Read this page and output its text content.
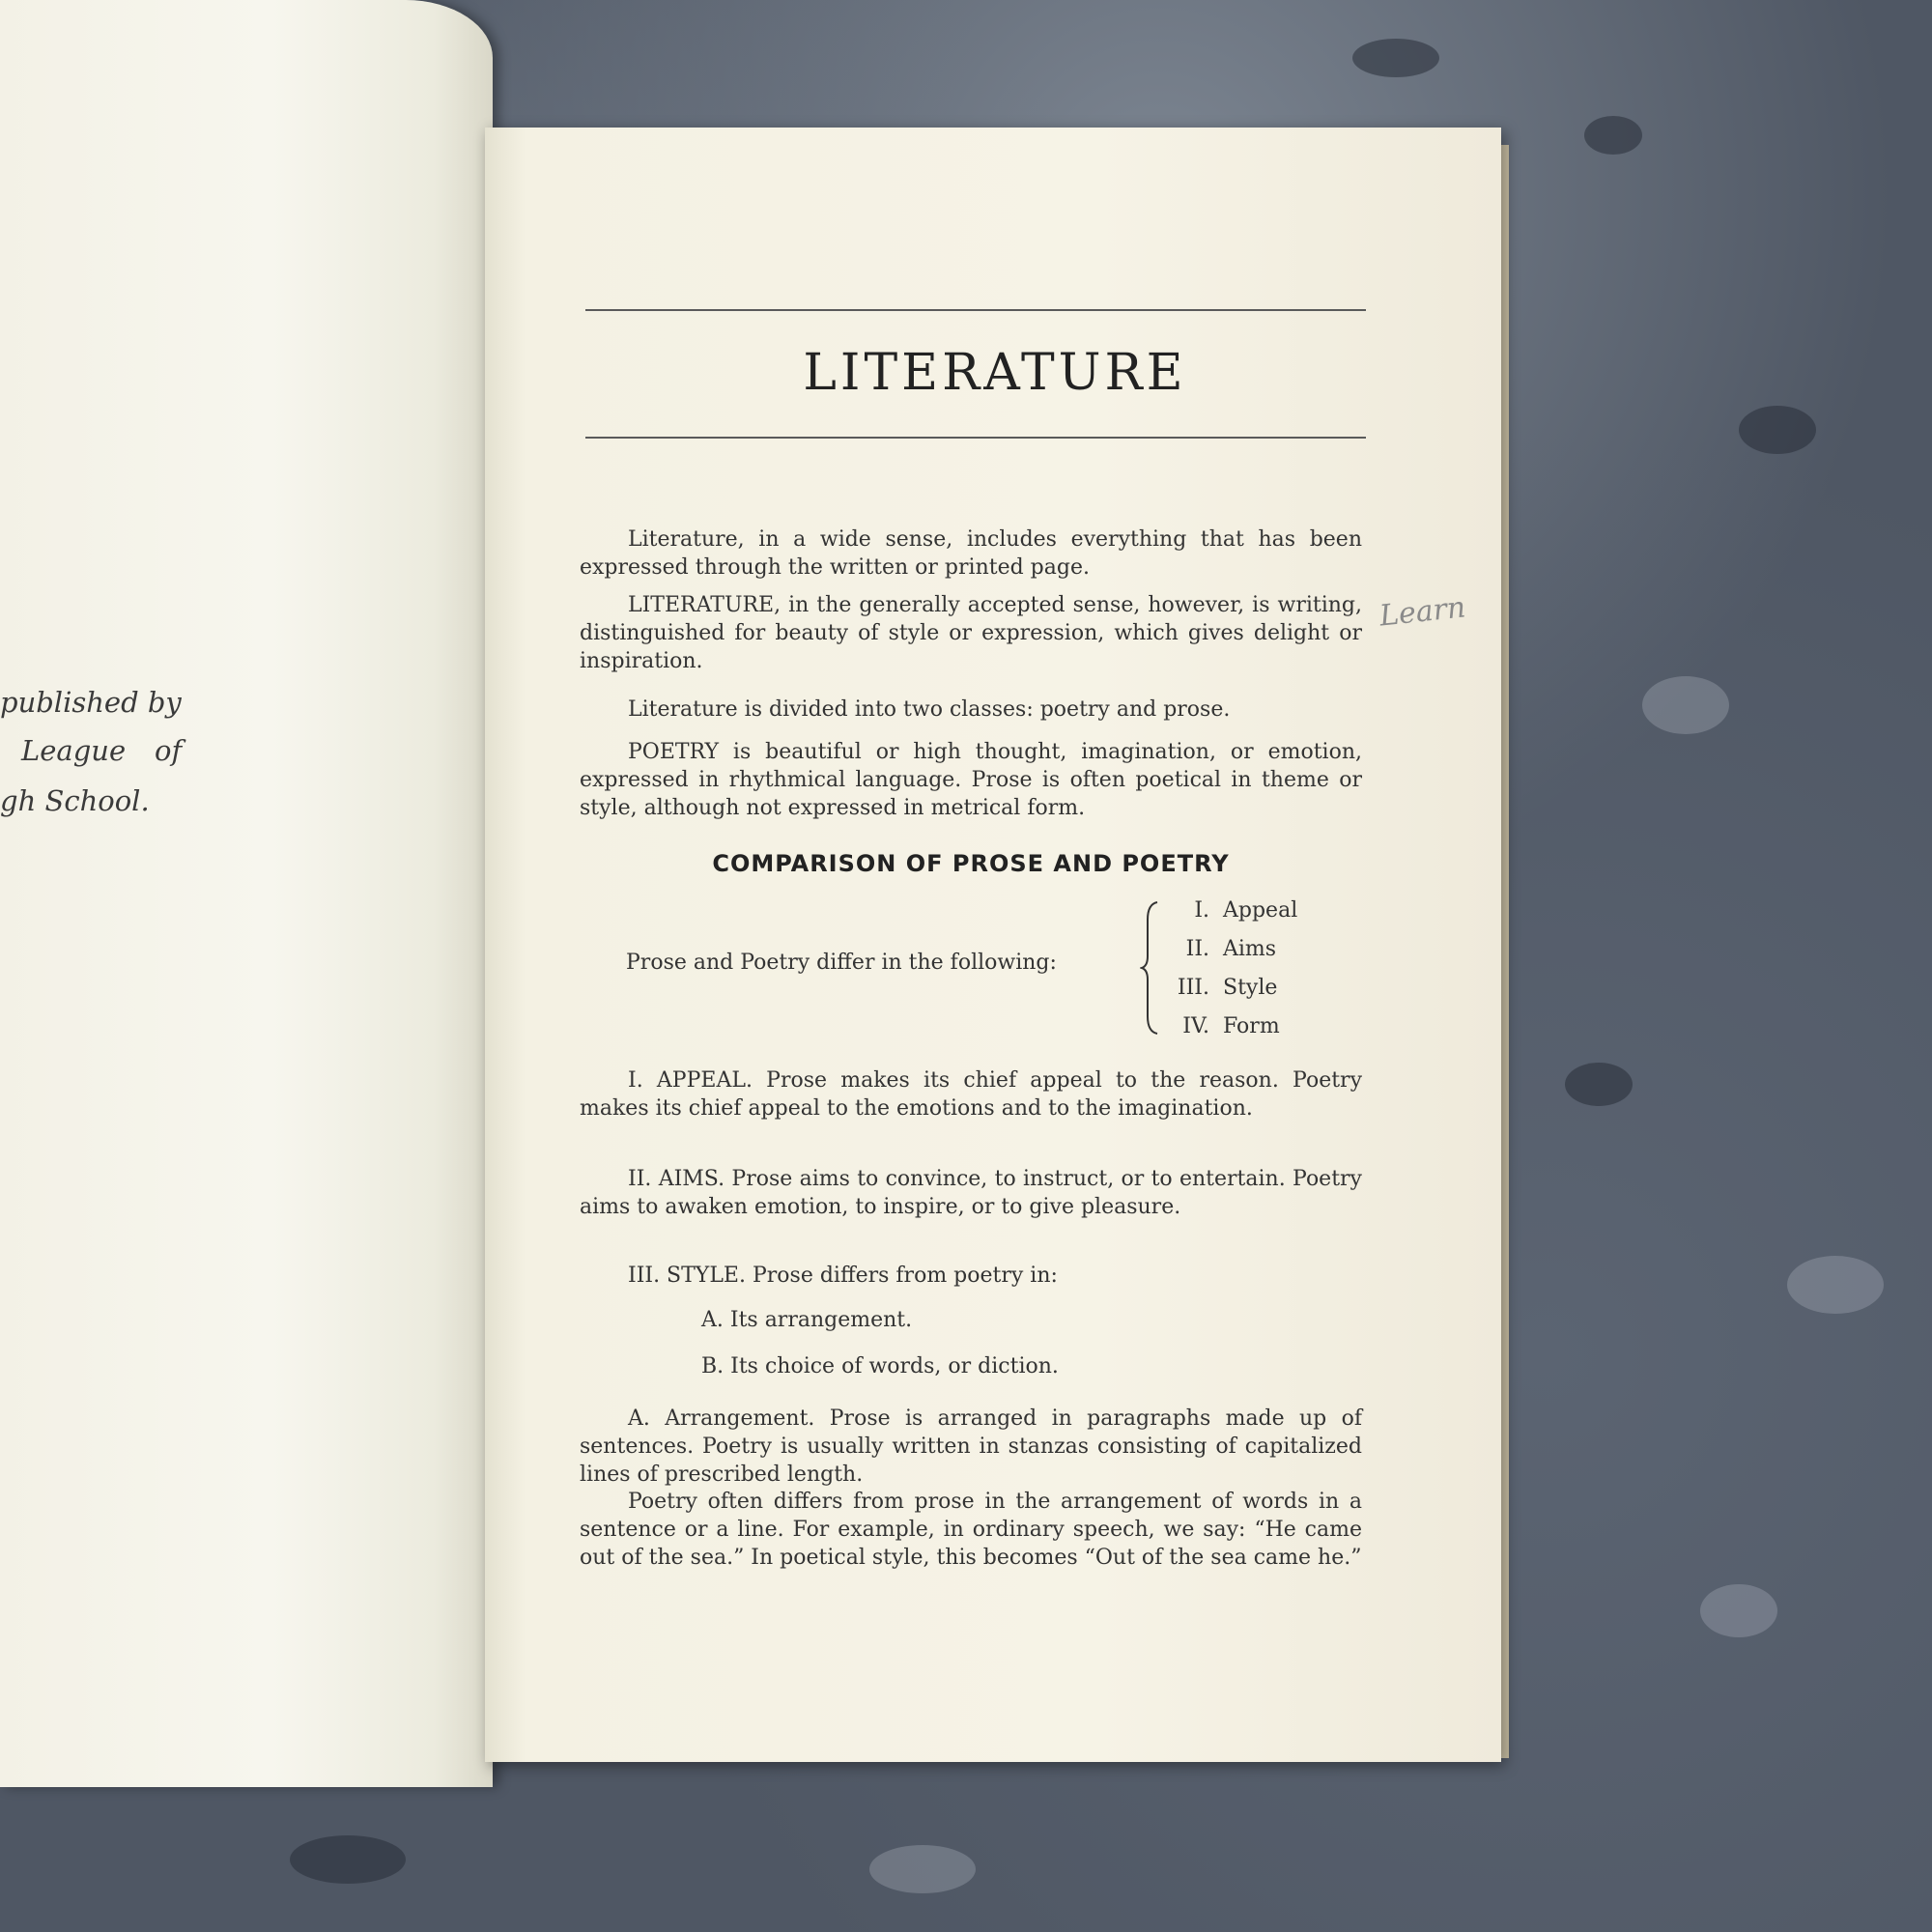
published by
League	of
gh School.
LITERATURE
Literature, in a wide sense, includes everything that has been expressed through the written or printed page.
LITERATURE, in the generally accepted sense, however, is writing, distinguished for beauty of style or expression, which gives delight or inspiration.
Literature is divided into two classes: poetry and prose.
POETRY is beautiful or high thought, imagination, or emotion, expressed in rhythmical language. Prose is often poetical in theme or style, although not expressed in metrical form.
COMPARISON OF PROSE AND POETRY
Prose and Poetry differ in the following:
I. Appeal
II. Aims
III. Style
IV. Form
I. APPEAL. Prose makes its chief appeal to the reason. Poetry makes its chief appeal to the emotions and to the imagination.
II. AIMS. Prose aims to convince, to instruct, or to entertain. Poetry aims to awaken emotion, to inspire, or to give pleasure.
III. STYLE. Prose differs from poetry in:
A. Its arrangement.
B. Its choice of words, or diction.
A. Arrangement. Prose is arranged in paragraphs made up of sentences. Poetry is usually written in stanzas consisting of capitalized lines of prescribed length.
Poetry often differs from prose in the arrangement of words in a sentence or a line. For example, in ordinary speech, we say: “He came out of the sea.” In poetical style, this becomes “Out of the sea came he.”
Learn
